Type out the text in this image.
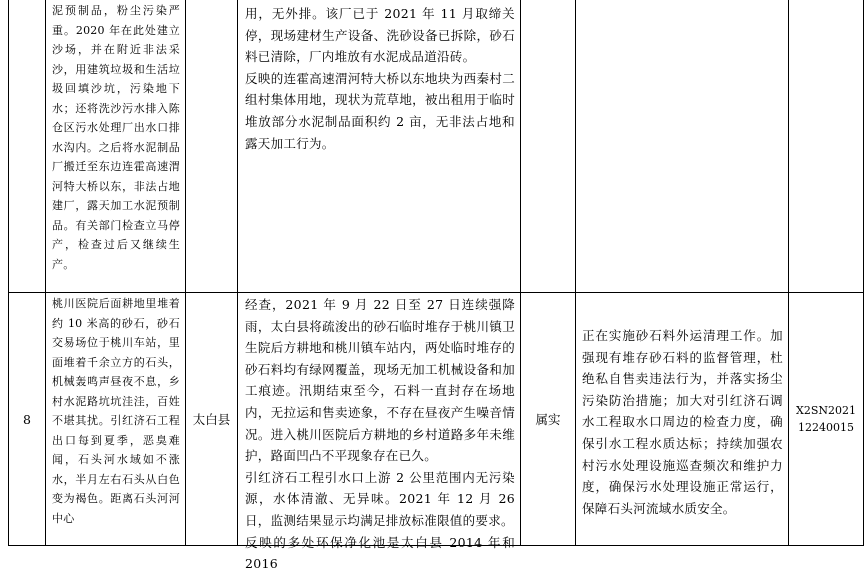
泥预制品，粉尘污染严重。2020 年在此处建立沙场，并在附近非法采沙，用建筑垃圾和生活垃圾回填沙坑，污染地下水；还将洗沙污水排入陈仓区污水处理厂出水口排水沟内。之后将水泥制品厂搬迁至东边连霍高速渭河特大桥以东，非法占地建厂，露天加工水泥预制品。有关部门检查立马停产，检查过后又继续生产。

用，无外排。该厂已于 2021 年 11 月取缔关停，现场建材生产设备、洗砂设备已拆除，砂石料已清除，厂内堆放有水泥成品道沿砖。

反映的连霍高速渭河特大桥以东地块为西秦村二组村集体用地，现状为荒草地，被出租用于临时堆放部分水泥制品面积约 2 亩，无非法占地和露天加工行为。

8

桃川医院后面耕地里堆着约 10 米高的砂石，砂石交易场位于桃川车站，里面堆着千余立方的石头，机械轰鸣声昼夜不息，乡村水泥路坑坑洼洼，百姓不堪其扰。引红济石工程出口每到夏季，恶臭难闻，石头河水域如不涨水，半月左右石头从白色变为褐色。距离石头河河中心

太白县

经查，2021 年 9 月 22 日至 27 日连续强降雨，太白县将疏浚出的砂石临时堆存于桃川镇卫生院后方耕地和桃川镇车站内，两处临时堆存的砂石料均有绿网覆盖，现场无加工机械设备和加工痕迹。汛期结束至今，石料一直封存在场地内，无拉运和售卖迹象，不存在昼夜产生噪音情况。进入桃川医院后方耕地的乡村道路多年未维护，路面凹凸不平现象存在已久。

引红济石工程引水口上游 2 公里范围内无污染源，水体清澈、无异味。2021 年 12 月 26 日，监测结果显示均满足排放标准限值的要求。

反映的多处环保净化池是太白县 2014 年和 2016

属实

正在实施砂石料外运清理工作。加强现有堆存砂石料的监督管理，杜绝私自售卖违法行为，并落实扬尘污染防治措施；加大对引红济石调水工程取水口周边的检查力度，确保引水工程水质达标；持续加强农村污水处理设施巡查频次和维护力度，确保污水处理设施正常运行，保障石头河流域水质安全。

X2SN202112240015
